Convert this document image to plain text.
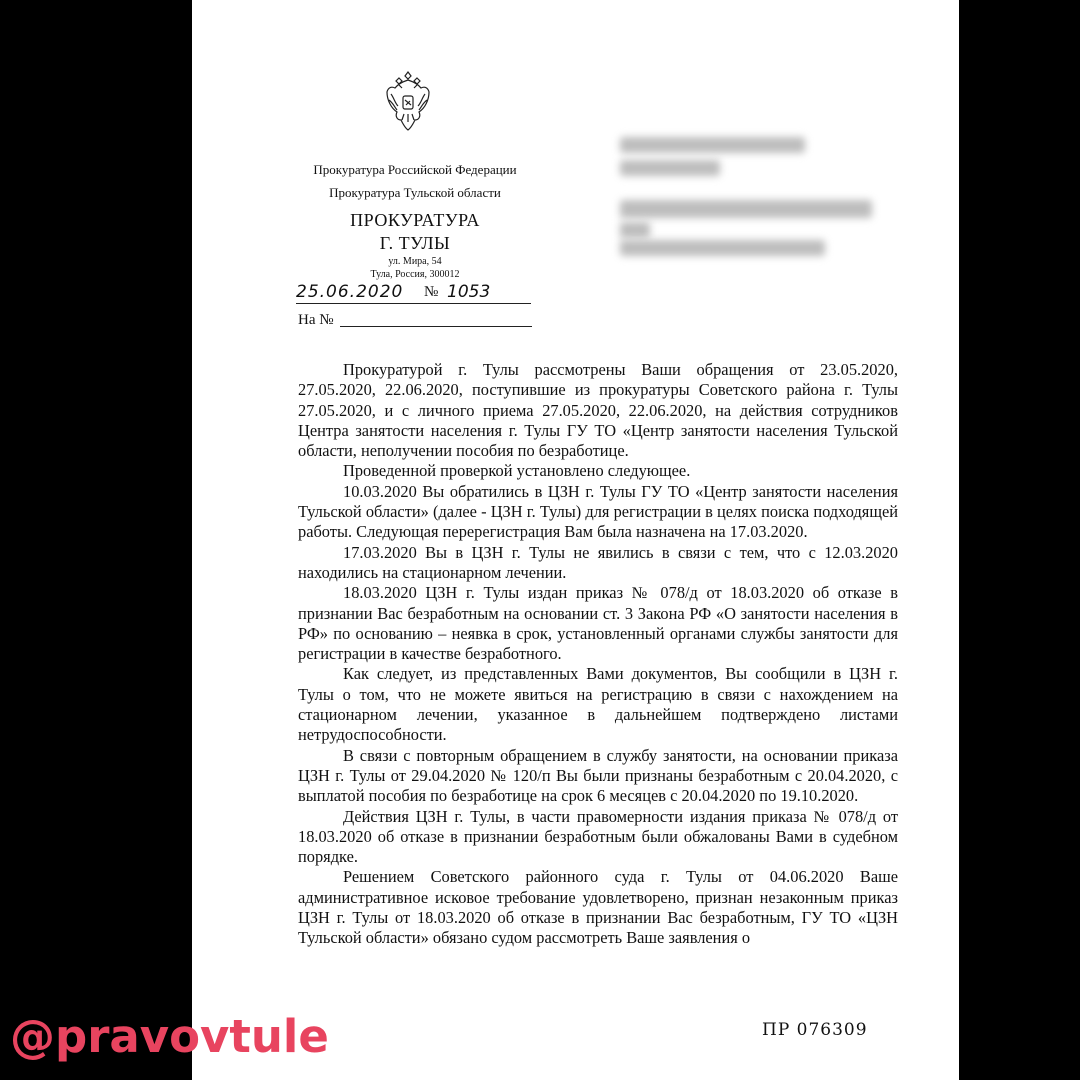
Прокуратура Российской Федерации
Прокуратура Тульской области
ПРОКУРАТУРА
Г. ТУЛЫ
ул. Мира, 54
Тула, Россия, 300012
25.06.2020 № 1053
На №

Прокуратурой г. Тулы рассмотрены Ваши обращения от 23.05.2020, 27.05.2020, 22.06.2020, поступившие из прокуратуры Советского района г. Тулы 27.05.2020, и с личного приема 27.05.2020, 22.06.2020, на действия сотрудников Центра занятости населения г. Тулы ГУ ТО «Центр занятости населения Тульской области, неполучении пособия по безработице.

Проведенной проверкой установлено следующее.

10.03.2020 Вы обратились в ЦЗН г. Тулы ГУ ТО «Центр занятости населения Тульской области» (далее - ЦЗН г. Тулы) для регистрации в целях поиска подходящей работы. Следующая перерегистрация Вам была назначена на 17.03.2020.

17.03.2020 Вы в ЦЗН г. Тулы не явились в связи с тем, что с 12.03.2020 находились на стационарном лечении.

18.03.2020 ЦЗН г. Тулы издан приказ № 078/д от 18.03.2020 об отказе в признании Вас безработным на основании ст. 3 Закона РФ «О занятости населения в РФ» по основанию – неявка в срок, установленный органами службы занятости для регистрации в качестве безработного.

Как следует, из представленных Вами документов, Вы сообщили в ЦЗН г. Тулы о том, что не можете явиться на регистрацию в связи с нахождением на стационарном лечении, указанное в дальнейшем подтверждено листами нетрудоспособности.

В связи с повторным обращением в службу занятости, на основании приказа ЦЗН г. Тулы от 29.04.2020 № 120/п Вы были признаны безработным с 20.04.2020, с выплатой пособия по безработице на срок 6 месяцев с 20.04.2020 по 19.10.2020.

Действия ЦЗН г. Тулы, в части правомерности издания приказа № 078/д от 18.03.2020 об отказе в признании безработным были обжалованы Вами в судебном порядке.

Решением Советского районного суда г. Тулы от 04.06.2020 Ваше административное исковое требование удовлетворено, признан незаконным приказ ЦЗН г. Тулы от 18.03.2020 об отказе в признании Вас безработным, ГУ ТО «ЦЗН Тульской области» обязано судом рассмотреть Ваше заявления о

ПР 076309
@pravovtule
